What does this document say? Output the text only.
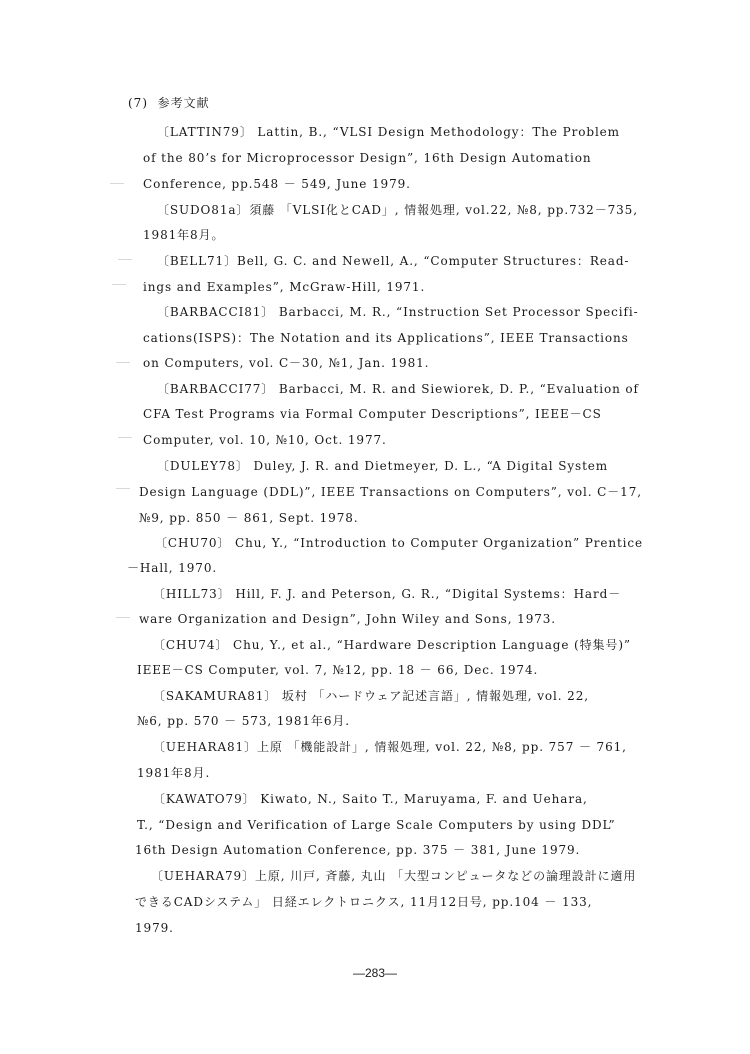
(7)  参考文献
〔LATTIN79〕 Lattin, B., “VLSI Design Methodology：The Problem
of the 80’s for Microprocessor Design”, 16th Design Automation
Conference, pp.548 － 549, June 1979.
〔SUDO81a〕須藤 「VLSI化とCAD」, 情報処理, vol.22, №8, pp.732－735,
1981年8月。
〔BELL71〕Bell, G. C. and Newell, A., “Computer Structures：Read-
ings and Examples”, McGraw-Hill, 1971.
〔BARBACCI81〕 Barbacci, M. R., “Instruction Set Processor Specifi-
cations(ISPS)：The Notation and its Applications”, IEEE Transactions
on Computers, vol. C－30, №1, Jan. 1981.
〔BARBACCI77〕 Barbacci, M. R. and Siewiorek, D. P., “Evaluation of
CFA Test Programs via Formal Computer Descriptions”, IEEE－CS
Computer, vol. 10, №10, Oct. 1977.
〔DULEY78〕 Duley, J. R. and Dietmeyer, D. L., “A Digital System
Design Language (DDL)”, IEEE Transactions on Computers”, vol. C－17,
№9, pp. 850 － 861, Sept. 1978.
〔CHU70〕 Chu, Y., “Introduction to Computer Organization” Prentice
－Hall, 1970.
〔HILL73〕 Hill, F. J. and Peterson, G. R., “Digital Systems：Hard－
ware Organization and Design”, John Wiley and Sons, 1973.
〔CHU74〕 Chu, Y., et al., “Hardware Description Language (特集号)”
IEEE－CS Computer, vol. 7, №12, pp. 18 － 66, Dec. 1974.
〔SAKAMURA81〕 坂村 「ハードウェア記述言語」, 情報処理, vol. 22,
№6, pp. 570 － 573, 1981年6月.
〔UEHARA81〕上原 「機能設計」, 情報処理, vol. 22, №8, pp. 757 － 761,
1981年8月.
〔KAWATO79〕 Kiwato, N., Saito T., Maruyama, F. and Uehara,
T., “Design and Verification of Large Scale Computers by using DDL”
16th Design Automation Conference, pp. 375 － 381, June 1979.
〔UEHARA79〕上原, 川戸, 斉藤, 丸山 「大型コンピュータなどの論理設計に適用
できるCADシステム」 日経エレクトロニクス, 11月12日号, pp.104 － 133,
1979.
—283—
